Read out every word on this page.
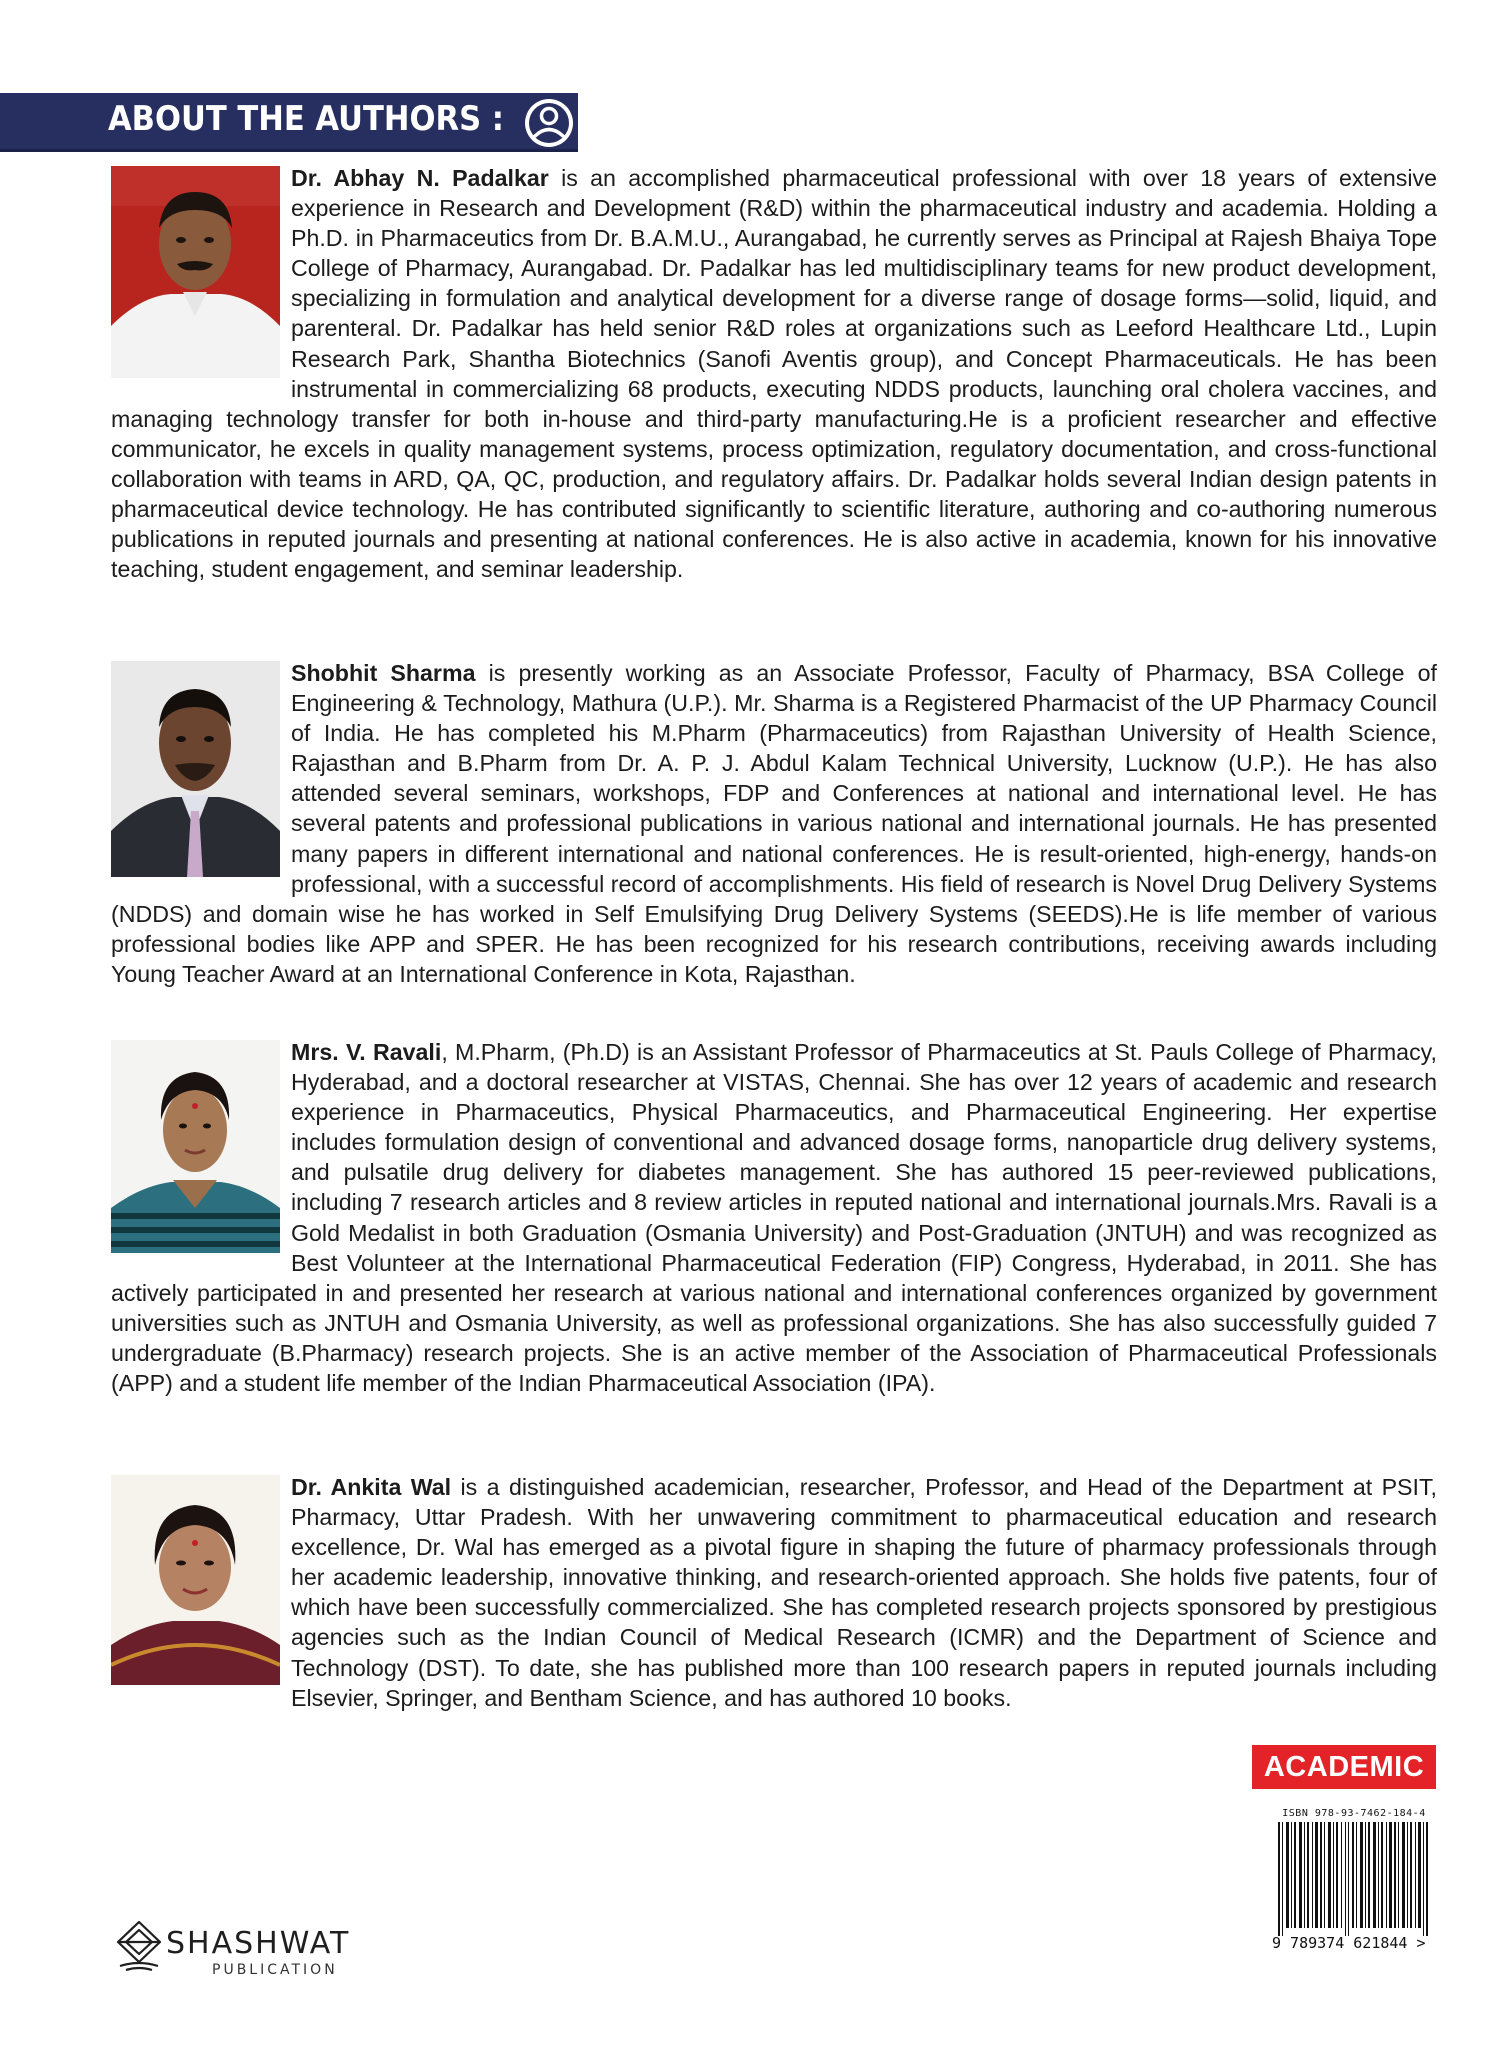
ABOUT THE AUTHORS :
Dr. Abhay N. Padalkar is an accomplished pharmaceutical professional with over 18 years of extensive experience in Research and Development (R&D) within the pharmaceutical industry and academia. Holding a Ph.D. in Pharmaceutics from Dr. B.A.M.U., Aurangabad, he currently serves as Principal at Rajesh Bhaiya Tope College of Pharmacy, Aurangabad. Dr. Padalkar has led multidisciplinary teams for new product development, specializing in formulation and analytical development for a diverse range of dosage forms—solid, liquid, and parenteral. Dr. Padalkar has held senior R&D roles at organizations such as Leeford Healthcare Ltd., Lupin Research Park, Shantha Biotechnics (Sanofi Aventis group), and Concept Pharmaceuticals. He has been instrumental in commercializing 68 products, executing NDDS products, launching oral cholera vaccines, and managing technology transfer for both in-house and third-party manufacturing.He is a proficient researcher and effective communicator, he excels in quality management systems, process optimization, regulatory documentation, and cross-functional collaboration with teams in ARD, QA, QC, production, and regulatory affairs. Dr. Padalkar holds several Indian design patents in pharmaceutical device technology. He has contributed significantly to scientific literature, authoring and co-authoring numerous publications in reputed journals and presenting at national conferences. He is also active in academia, known for his innovative teaching, student engagement, and seminar leadership.
Shobhit Sharma is presently working as an Associate Professor, Faculty of Pharmacy, BSA College of Engineering & Technology, Mathura (U.P.). Mr. Sharma is a Registered Pharmacist of the UP Pharmacy Council of India. He has completed his M.Pharm (Pharmaceutics) from Rajasthan University of Health Science, Rajasthan and B.Pharm from Dr. A. P. J. Abdul Kalam Technical University, Lucknow (U.P.). He has also attended several seminars, workshops, FDP and Conferences at national and international level. He has several patents and professional publications in various national and international journals. He has presented many papers in different international and national conferences. He is result-oriented, high-energy, hands-on professional, with a successful record of accomplishments. His field of research is Novel Drug Delivery Systems (NDDS) and domain wise he has worked in Self Emulsifying Drug Delivery Systems (SEEDS).He is life member of various professional bodies like APP and SPER. He has been recognized for his research contributions, receiving awards including Young Teacher Award at an International Conference in Kota, Rajasthan.
Mrs. V. Ravali, M.Pharm, (Ph.D) is an Assistant Professor of Pharmaceutics at St. Pauls College of Pharmacy, Hyderabad, and a doctoral researcher at VISTAS, Chennai. She has over 12 years of academic and research experience in Pharmaceutics, Physical Pharmaceutics, and Pharmaceutical Engineering. Her expertise includes formulation design of conventional and advanced dosage forms, nanoparticle drug delivery systems, and pulsatile drug delivery for diabetes management. She has authored 15 peer-reviewed publications, including 7 research articles and 8 review articles in reputed national and international journals.Mrs. Ravali is a Gold Medalist in both Graduation (Osmania University) and Post-Graduation (JNTUH) and was recognized as Best Volunteer at the International Pharmaceutical Federation (FIP) Congress, Hyderabad, in 2011. She has actively participated in and presented her research at various national and international conferences organized by government universities such as JNTUH and Osmania University, as well as professional organizations. She has also successfully guided 7 undergraduate (B.Pharmacy) research projects. She is an active member of the Association of Pharmaceutical Professionals (APP) and a student life member of the Indian Pharmaceutical Association (IPA).
Dr. Ankita Wal is a distinguished academician, researcher, Professor, and Head of the Department at PSIT, Pharmacy, Uttar Pradesh. With her unwavering commitment to pharmaceutical education and research excellence, Dr. Wal has emerged as a pivotal figure in shaping the future of pharmacy professionals through her academic leadership, innovative thinking, and research-oriented approach. She holds five patents, four of which have been successfully commercialized. She has completed research projects sponsored by prestigious agencies such as the Indian Council of Medical Research (ICMR) and the Department of Science and Technology (DST). To date, she has published more than 100 research papers in reputed journals including Elsevier, Springer, and Bentham Science, and has authored 10 books.
ACADEMIC
ISBN 978-93-7462-184-4
9 789374 621844 >
SHASHWAT
PUBLICATION
